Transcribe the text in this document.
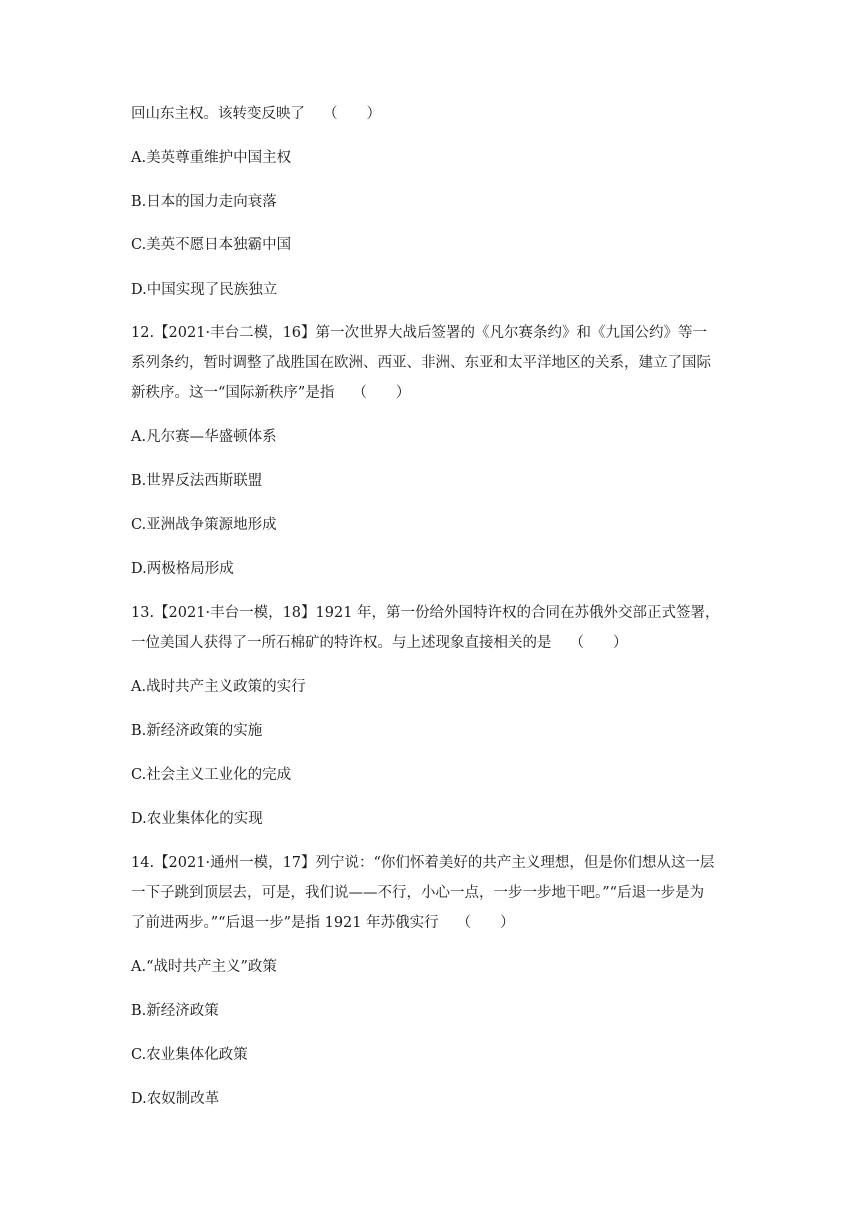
回山东主权。该转变反映了 （　　）
A.美英尊重维护中国主权
B.日本的国力走向衰落
C.美英不愿日本独霸中国
D.中国实现了民族独立
12.【2021·丰台二模，16】第一次世界大战后签署的《凡尔赛条约》和《九国公约》等一
系列条约，暂时调整了战胜国在欧洲、西亚、非洲、东亚和太平洋地区的关系，建立了国际
新秩序。这一“国际新秩序”是指 （　　）
A.凡尔赛—华盛顿体系
B.世界反法西斯联盟
C.亚洲战争策源地形成
D.两极格局形成
13.【2021·丰台一模，18】1921 年，第一份给外国特许权的合同在苏俄外交部正式签署，
一位美国人获得了一所石棉矿的特许权。与上述现象直接相关的是 （　　）
A.战时共产主义政策的实行
B.新经济政策的实施
C.社会主义工业化的完成
D.农业集体化的实现
14.【2021·通州一模，17】列宁说：“你们怀着美好的共产主义理想，但是你们想从这一层
一下子跳到顶层去，可是，我们说——不行，小心一点，一步一步地干吧。”“后退一步是为
了前进两步。”“后退一步”是指 1921 年苏俄实行 （　　）
A.“战时共产主义”政策
B.新经济政策
C.农业集体化政策
D.农奴制改革
